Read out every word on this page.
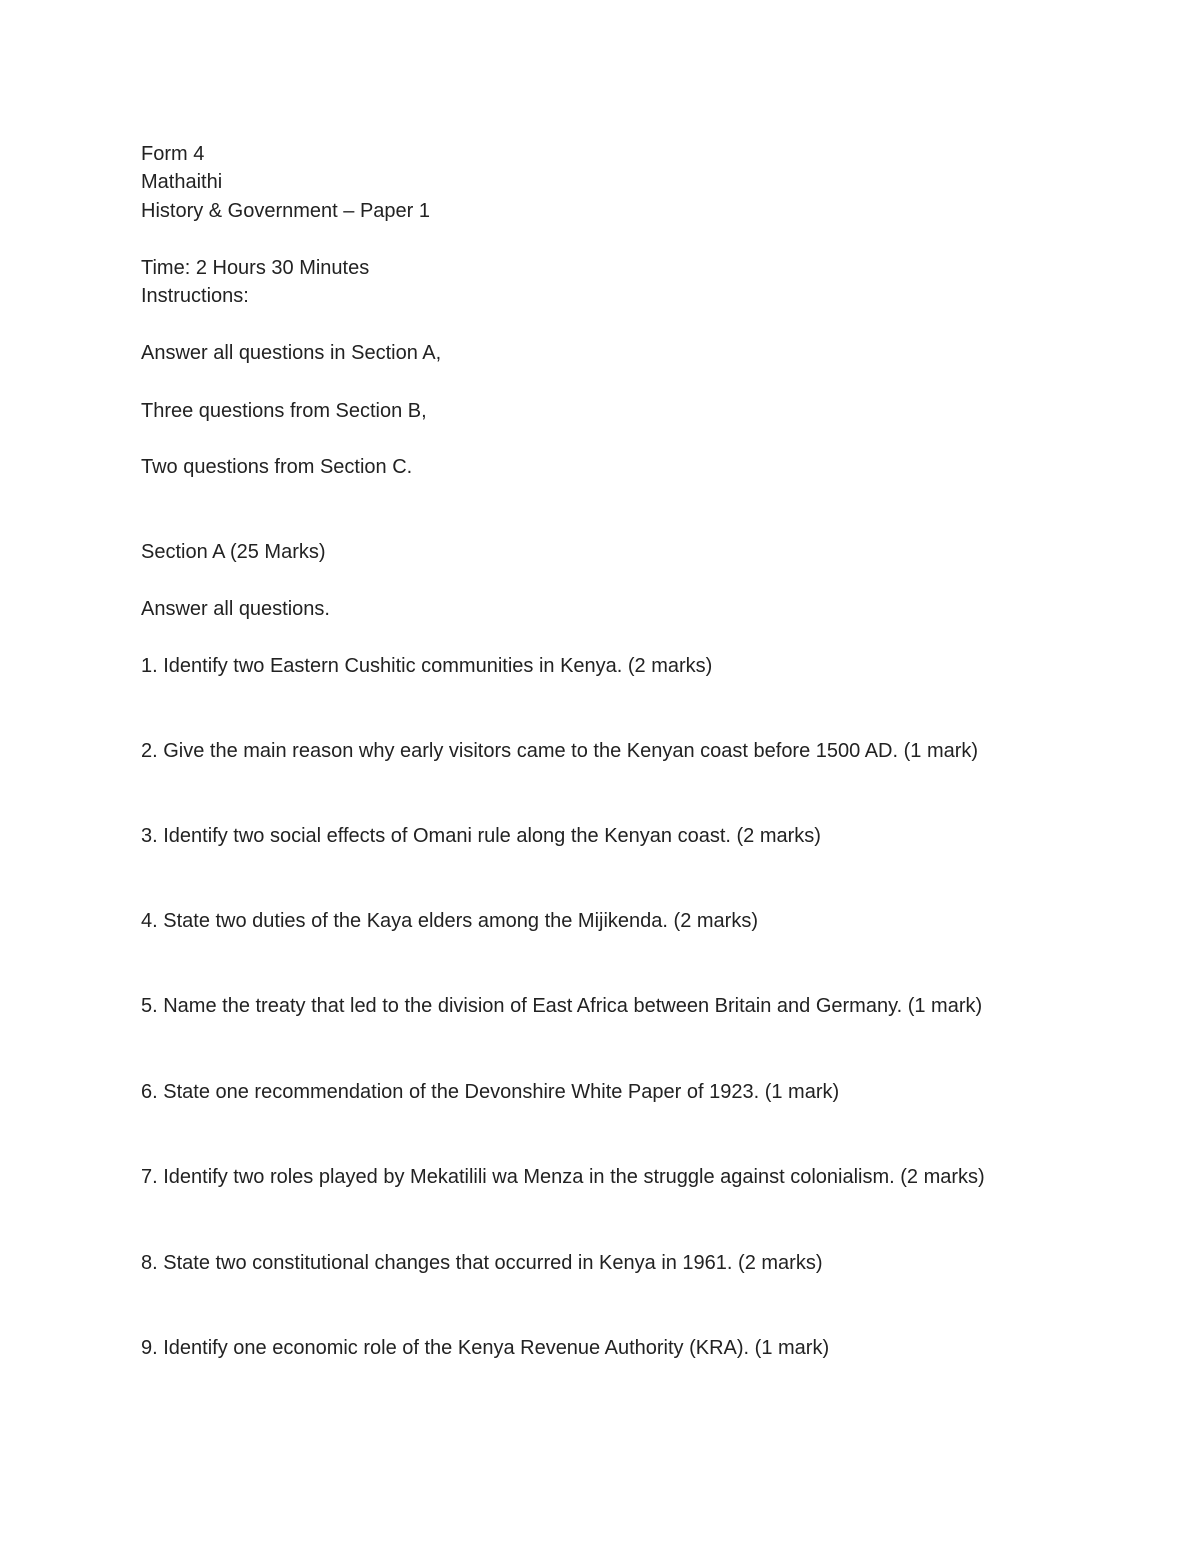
Form 4

Mathaithi

History & Government – Paper 1

Time: 2 Hours 30 Minutes

Instructions:

Answer all questions in Section A,

Three questions from Section B,

Two questions from Section C.

Section A (25 Marks)

Answer all questions.

1. Identify two Eastern Cushitic communities in Kenya. (2 marks)

2. Give the main reason why early visitors came to the Kenyan coast before 1500 AD. (1 mark)

3. Identify two social effects of Omani rule along the Kenyan coast. (2 marks)

4. State two duties of the Kaya elders among the Mijikenda. (2 marks)

5. Name the treaty that led to the division of East Africa between Britain and Germany. (1 mark)

6. State one recommendation of the Devonshire White Paper of 1923. (1 mark)

7. Identify two roles played by Mekatilili wa Menza in the struggle against colonialism. (2 marks)

8. State two constitutional changes that occurred in Kenya in 1961. (2 marks)

9. Identify one economic role of the Kenya Revenue Authority (KRA). (1 mark)
